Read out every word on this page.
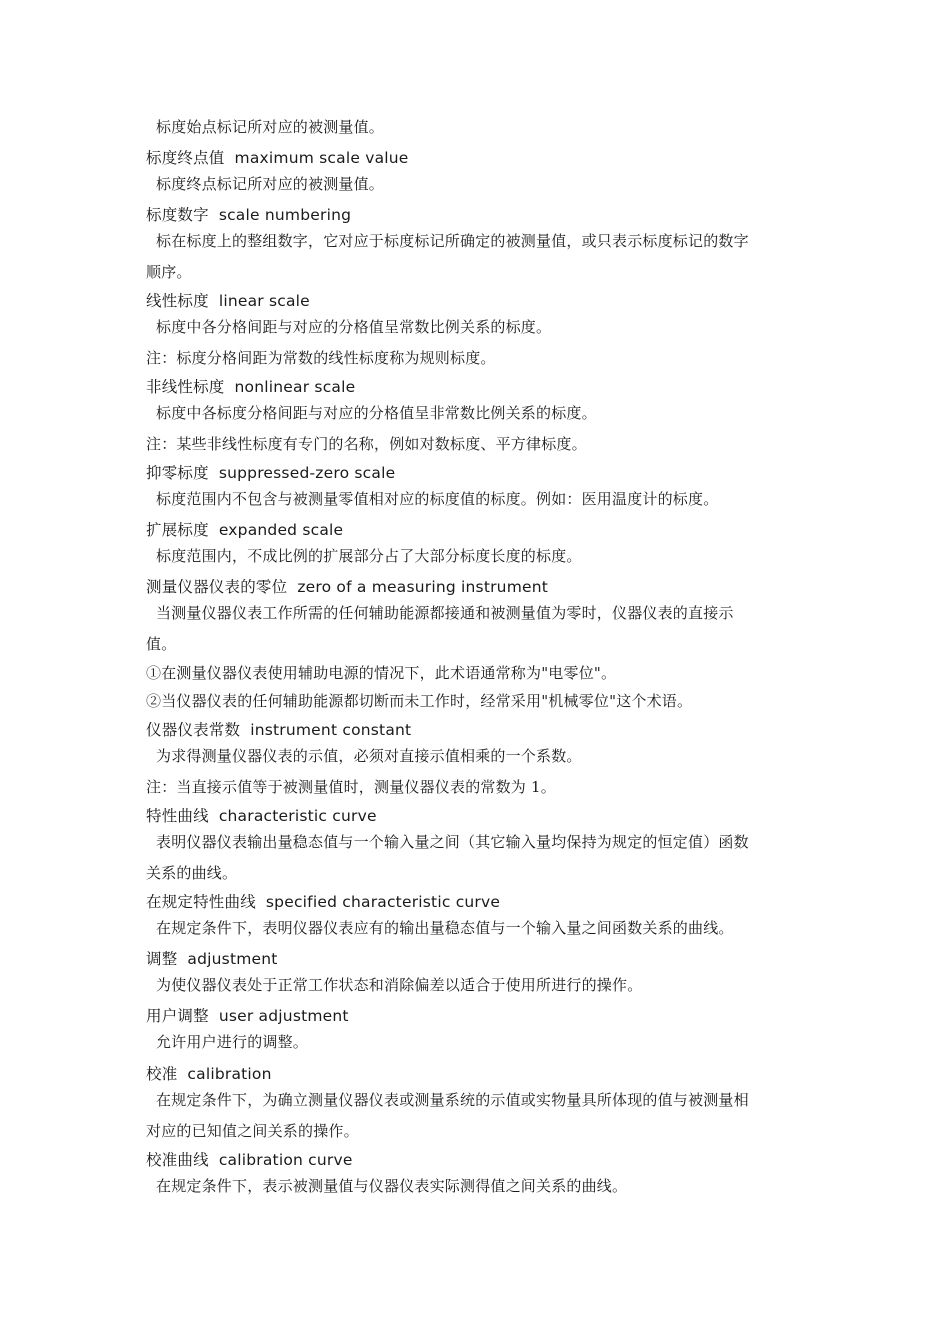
标度始点标记所对应的被测量值。
标度终点值 maximum scale value
标度终点标记所对应的被测量值。
标度数字 scale numbering
标在标度上的整组数字，它对应于标度标记所确定的被测量值，或只表示标度标记的数字
顺序。
线性标度 linear scale
标度中各分格间距与对应的分格值呈常数比例关系的标度。
注：标度分格间距为常数的线性标度称为规则标度。
非线性标度 nonlinear scale
标度中各标度分格间距与对应的分格值呈非常数比例关系的标度。
注：某些非线性标度有专门的名称，例如对数标度、平方律标度。
抑零标度 suppressed-zero scale
标度范围内不包含与被测量零值相对应的标度值的标度。例如：医用温度计的标度。
扩展标度 expanded scale
标度范围内，不成比例的扩展部分占了大部分标度长度的标度。
测量仪器仪表的零位 zero of a measuring instrument
当测量仪器仪表工作所需的任何辅助能源都接通和被测量值为零时，仪器仪表的直接示
值。
①在测量仪器仪表使用辅助电源的情况下，此术语通常称为"电零位"。
②当仪器仪表的任何辅助能源都切断而未工作时，经常采用"机械零位"这个术语。
仪器仪表常数 instrument constant
为求得测量仪器仪表的示值，必须对直接示值相乘的一个系数。
注：当直接示值等于被测量值时，测量仪器仪表的常数为 1。
特性曲线 characteristic curve
表明仪器仪表输出量稳态值与一个输入量之间（其它输入量均保持为规定的恒定值）函数
关系的曲线。
在规定特性曲线 specified characteristic curve
在规定条件下，表明仪器仪表应有的输出量稳态值与一个输入量之间函数关系的曲线。
调整 adjustment
为使仪器仪表处于正常工作状态和消除偏差以适合于使用所进行的操作。
用户调整 user adjustment
允许用户进行的调整。
校准 calibration
在规定条件下，为确立测量仪器仪表或测量系统的示值或实物量具所体现的值与被测量相
对应的已知值之间关系的操作。
校准曲线 calibration curve
在规定条件下，表示被测量值与仪器仪表实际测得值之间关系的曲线。
